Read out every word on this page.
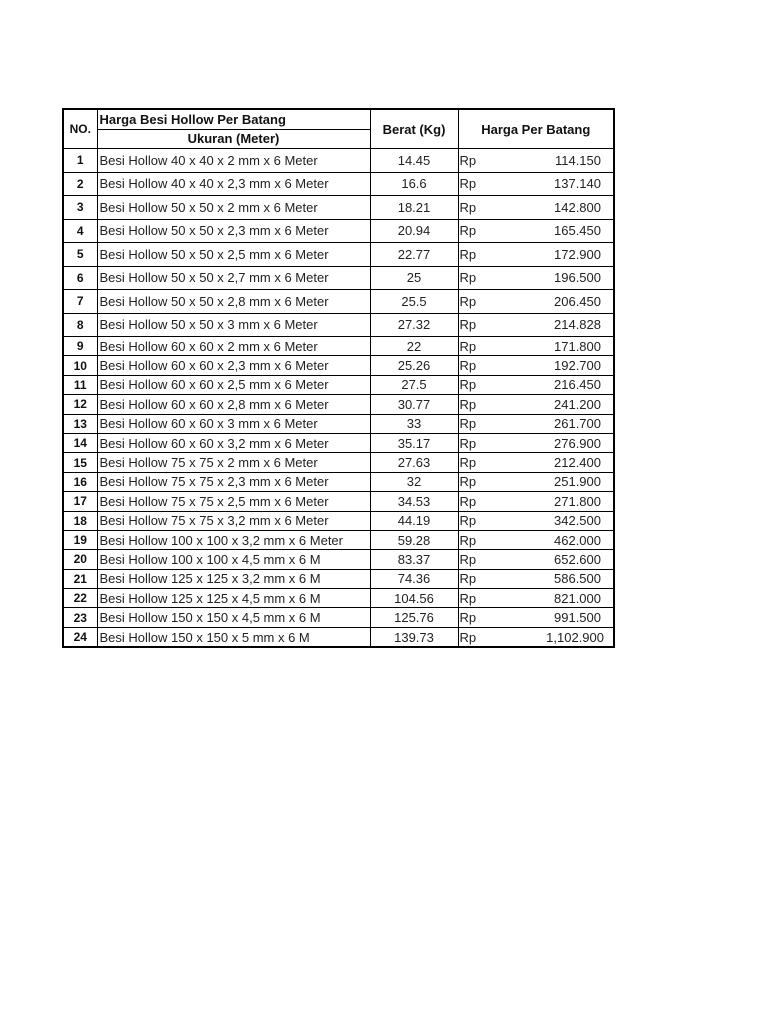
NO.	Harga Besi Hollow Per Batang	Berat (Kg)	Harga Per Batang	
	Ukuran (Meter)			
1	Besi Hollow 40 x 40 x 2 mm x 6 Meter	14.45	Rp	114.150
2	Besi Hollow 40 x 40 x 2,3 mm x 6 Meter	16.6	Rp	137.140
3	Besi Hollow 50 x 50 x 2 mm x 6 Meter	18.21	Rp	142.800
4	Besi Hollow 50 x 50 x 2,3 mm x 6 Meter	20.94	Rp	165.450
5	Besi Hollow 50 x 50 x 2,5 mm x 6 Meter	22.77	Rp	172.900
6	Besi Hollow 50 x 50 x 2,7 mm x 6 Meter	25	Rp	196.500
7	Besi Hollow 50 x 50 x 2,8 mm x 6 Meter	25.5	Rp	206.450
8	Besi Hollow 50 x 50 x 3 mm x 6 Meter	27.32	Rp	214.828
9	Besi Hollow 60 x 60 x 2 mm x 6 Meter	22	Rp	171.800
10	Besi Hollow 60 x 60 x 2,3 mm x 6 Meter	25.26	Rp	192.700
11	Besi Hollow 60 x 60 x 2,5 mm x 6 Meter	27.5	Rp	216.450
12	Besi Hollow 60 x 60 x 2,8 mm x 6 Meter	30.77	Rp	241.200
13	Besi Hollow 60 x 60 x 3 mm x 6 Meter	33	Rp	261.700
14	Besi Hollow 60 x 60 x 3,2 mm x 6 Meter	35.17	Rp	276.900
15	Besi Hollow 75 x 75 x 2 mm x 6 Meter	27.63	Rp	212.400
16	Besi Hollow 75 x 75 x 2,3 mm x 6 Meter	32	Rp	251.900
17	Besi Hollow 75 x 75 x 2,5 mm x 6 Meter	34.53	Rp	271.800
18	Besi Hollow 75 x 75 x 3,2 mm x 6 Meter	44.19	Rp	342.500
19	Besi Hollow 100 x 100 x 3,2 mm x 6 Meter	59.28	Rp	462.000
20	Besi Hollow 100 x 100 x 4,5 mm x 6 M	83.37	Rp	652.600
21	Besi Hollow 125 x 125 x 3,2 mm x 6 M	74.36	Rp	586.500
22	Besi Hollow 125 x 125 x 4,5 mm x 6 M	104.56	Rp	821.000
23	Besi Hollow 150 x 150 x 4,5 mm x 6 M	125.76	Rp	991.500
24	Besi Hollow 150 x 150 x 5 mm x 6 M	139.73	Rp	1,102.900
